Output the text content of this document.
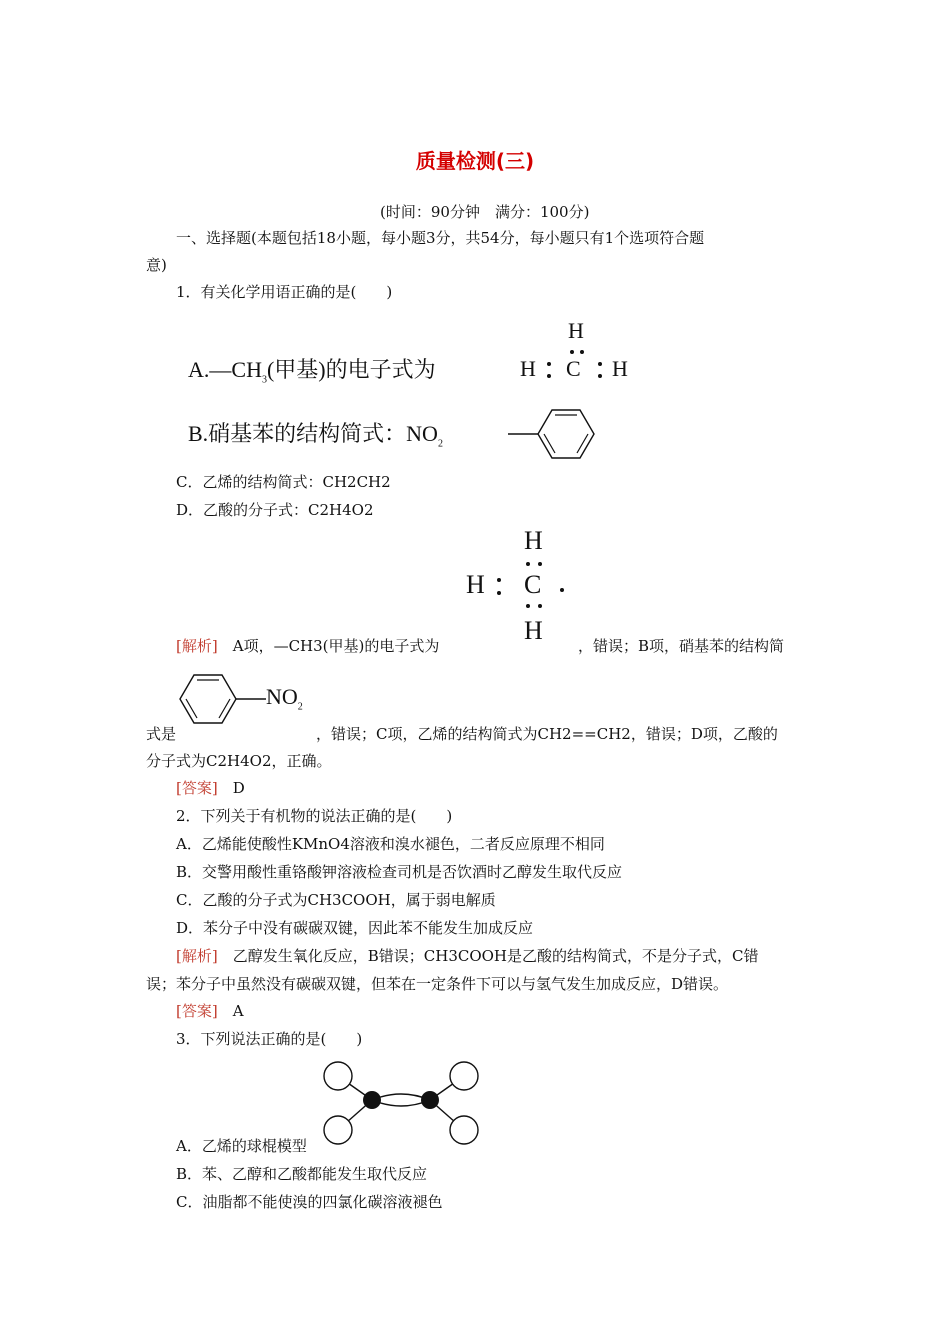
质量检测(三)
(时间：90分钟　满分：100分)
一、选择题(本题包括18小题，每小题3分，共54分，每小题只有1个选项符合题
意)
1．有关化学用语正确的是(　　)
$A.—CH_3$(甲基)的电子式为
H
H C H
B.硝基苯的结构简式：$NO_2$
C．乙烯的结构简式：CH2CH2
D．乙酸的分子式：C2H4O2
H
H C
H
[解析]　 A项，—CH3(甲基)的电子式为	，错误；B项，硝基苯的结构简
$NO_2$
式是	，错误；C项，乙烯的结构简式为CH2==CH2，错误；D项，乙酸的
分子式为C2H4O2，正确。
[答案]　 D
2．下列关于有机物的说法正确的是(　　)
A．乙烯能使酸性KMnO4溶液和溴水褪色，二者反应原理不相同
B．交警用酸性重铬酸钾溶液检查司机是否饮酒时乙醇发生取代反应
C．乙酸的分子式为CH3COOH，属于弱电解质
D．苯分子中没有碳碳双键，因此苯不能发生加成反应
[解析]　 乙醇发生氧化反应，B错误；CH3COOH是乙酸的结构简式，不是分子式，C错
误；苯分子中虽然没有碳碳双键，但苯在一定条件下可以与氢气发生加成反应，D错误。
[答案]　 A
3．下列说法正确的是(　　)
A．乙烯的球棍模型
B．苯、乙醇和乙酸都能发生取代反应
C．油脂都不能使溴的四氯化碳溶液褪色
